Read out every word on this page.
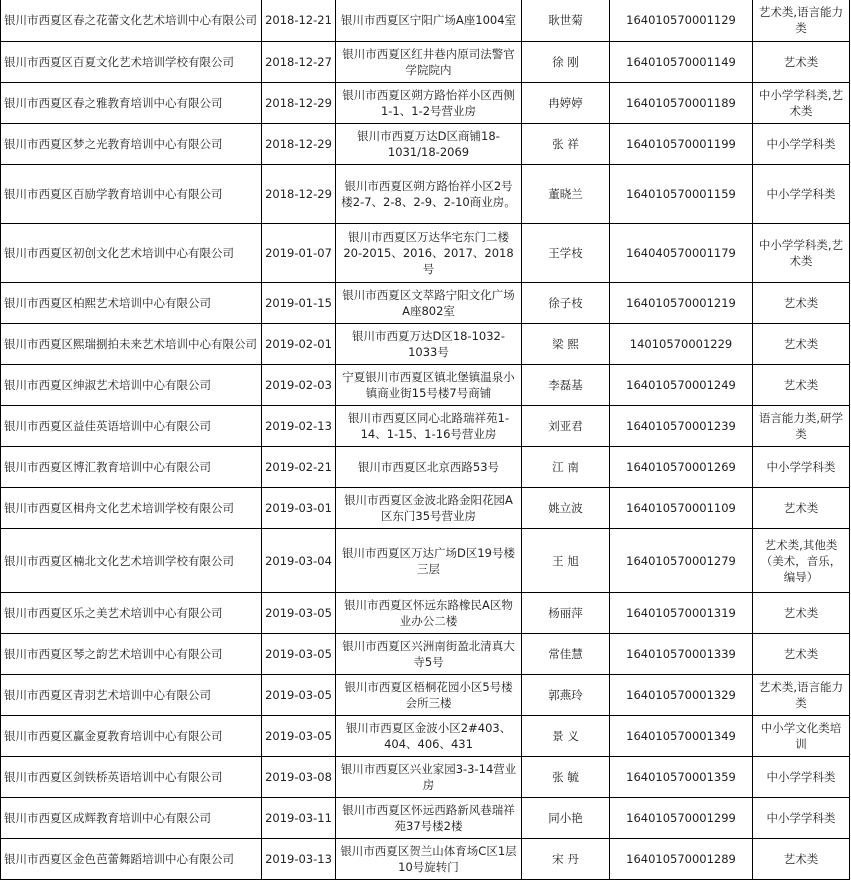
银川市西夏区春之花蕾文化艺术培训中心有限公司	2018-12-21	银川市西夏区宁阳广场A座1004室	耿世菊	164010570001129	艺术类,语言能力类
银川市西夏区百夏文化艺术培训学校有限公司	2018-12-27	银川市西夏区红井巷内原司法警官学院院内	徐 刚	164010570001149	艺术类
银川市西夏区春之雅教育培训中心有限公司	2018-12-29	银川市西夏区朔方路怡祥小区西侧1-1、1-2号营业房	冉婷婷	164010570001189	中小学学科类,艺术类
银川市西夏区梦之光教育培训中心有限公司	2018-12-29	银川市西夏万达D区商铺18-1031/18-2069	张 祥	164010570001199	中小学学科类
银川市西夏区百励学教育培训中心有限公司	2018-12-29	银川市西夏区朔方路怡祥小区2号楼2-7、2-8、2-9、2-10商业房。	董晓兰	164010570001159	中小学学科类
银川市西夏区初创文化艺术培训中心有限公司	2019-01-07	银川市西夏区万达华宅东门二楼20-2015、2016、2017、2018号	王学枝	164040570001179	中小学学科类,艺术类
银川市西夏区柏熙艺术培训中心有限公司	2019-01-15	银川市西夏区文萃路宁阳文化广场A座802室	徐子枝	164010570001219	艺术类
银川市西夏区熙瑞捌拍未来艺术培训中心有限公司	2019-02-01	银川市西夏万达D区18-1032-1033号	梁 熙	14010570001229	艺术类
银川市西夏区绅淑艺术培训中心有限公司	2019-02-03	宁夏银川市西夏区镇北堡镇温泉小镇商业街15号楼7号商铺	李磊基	164010570001249	艺术类
银川市西夏区益佳英语培训中心有限公司	2019-02-13	银川市西夏区同心北路瑞祥苑1-14、1-15、1-16号营业房	刘亚君	164010570001239	语言能力类,研学类
银川市西夏区博汇教育培训中心有限公司	2019-02-21	银川市西夏区北京西路53号	江 南	164010570001269	中小学学科类
银川市西夏区楫舟文化艺术培训学校有限公司	2019-03-01	银川市西夏区金波北路金阳花园A区东门35号营业房	姚立波	164010570001109	艺术类
银川市西夏区楠北文化艺术培训学校有限公司	2019-03-04	银川市西夏区万达广场D区19号楼三层	王 旭	164010570001279	艺术类,其他类（美术，音乐，编导）
银川市西夏区乐之美艺术培训中心有限公司	2019-03-05	银川市西夏区怀远东路橡民A区物业办公二楼	杨丽萍	164010570001319	艺术类
银川市西夏区琴之韵艺术培训中心有限公司	2019-03-05	银川市西夏区兴洲南街盈北清真大寺5号	常佳慧	164010570001339	艺术类
银川市西夏区青羽艺术培训中心有限公司	2019-03-05	银川市西夏区梧桐花园小区5号楼会所三楼	郭燕玲	164010570001329	艺术类,语言能力类
银川市西夏区赢金夏教育培训中心有限公司	2019-03-05	银川市西夏区金波小区2#403、404、406、431	景 义	164010570001349	中小学文化类培训
银川市西夏区剑铁桥英语培训中心有限公司	2019-03-08	银川市西夏区兴业家园3-3-14营业房	张 毓	164010570001359	中小学学科类
银川市西夏区成辉教育培训中心有限公司	2019-03-11	银川市西夏区怀远西路新风巷瑞祥苑37号楼2楼	同小艳	164010570001299	中小学学科类
银川市西夏区金色芭蕾舞蹈培训中心有限公司	2019-03-13	银川市西夏区贺兰山体育场C区1层10号旋转门	宋 丹	164010570001289	艺术类
